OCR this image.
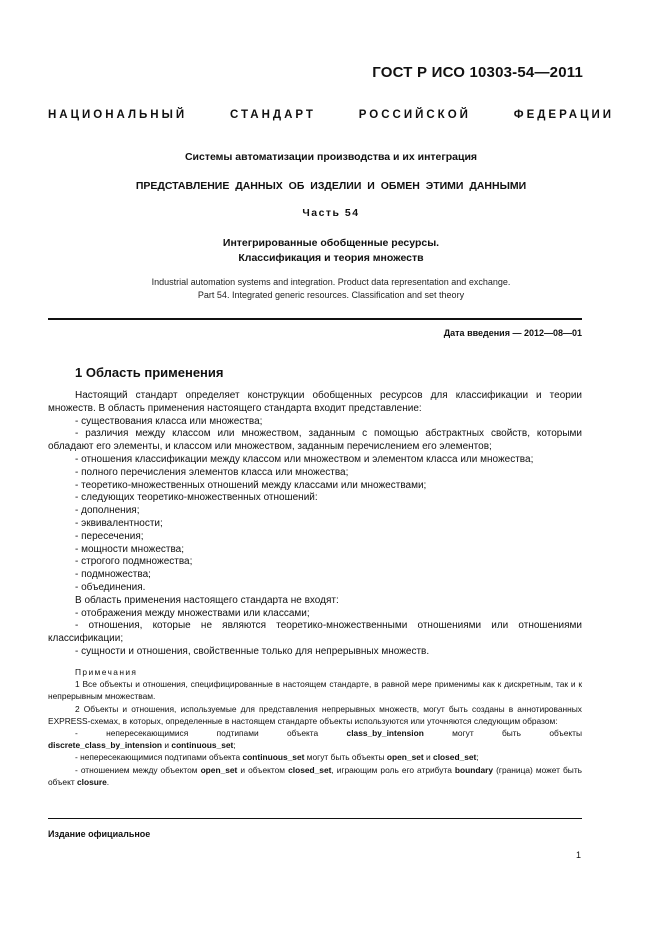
ГОСТ Р ИСО 10303-54—2011
НАЦИОНАЛЬНЫЙ СТАНДАРТ РОССИЙСКОЙ ФЕДЕРАЦИИ
Системы автоматизации производства и их интеграция
ПРЕДСТАВЛЕНИЕ ДАННЫХ ОБ ИЗДЕЛИИ И ОБМЕН ЭТИМИ ДАННЫМИ
Часть 54
Интегрированные обобщенные ресурсы.
Классификация и теория множеств
Industrial automation systems and integration. Product data representation and exchange.
Part 54. Integrated generic resources. Classification and set theory
Дата введения — 2012—08—01
1 Область применения

Настоящий стандарт определяет конструкции обобщенных ресурсов для классификации и теории множеств. В область применения настоящего стандарта входит представление:

- существования класса или множества;

- различия между классом или множеством, заданным с помощью абстрактных свойств, которыми обладают его элементы, и классом или множеством, заданным перечислением его элементов;

- отношения классификации между классом или множеством и элементом класса или множества;

- полного перечисления элементов класса или множества;

- теоретико-множественных отношений между классами или множествами;

- следующих теоретико-множественных отношений:

- дополнения;

- эквивалентности;

- пересечения;

- мощности множества;

- строгого подмножества;

- подмножества;

- объединения.

В область применения настоящего стандарта не входят:

- отображения между множествами или классами;

- отношения, которые не являются теоретико-множественными отношениями или отношениями классификации;

- сущности и отношения, свойственные только для непрерывных множеств.

Примечания

1 Все объекты и отношения, специфицированные в настоящем стандарте, в равной мере применимы как к дискретным, так и к непрерывным множествам.

2 Объекты и отношения, используемые для представления непрерывных множеств, могут быть созданы в аннотированных EXPRESS-схемах, в которых, определенные в настоящем стандарте объекты используются или уточняются следующим образом:

- непересекающимися подтипами объекта	class_by_intension	могут быть объекты

discrete_class_by_intension и continuous_set;

- непересекающимися подтипами объекта continuous_set могут быть объекты open_set и closed_set;

- отношением между объектом open_set и объектом closed_set, играющим роль его атрибута boundary (граница) может быть объект closure.

Издание официальное
1
